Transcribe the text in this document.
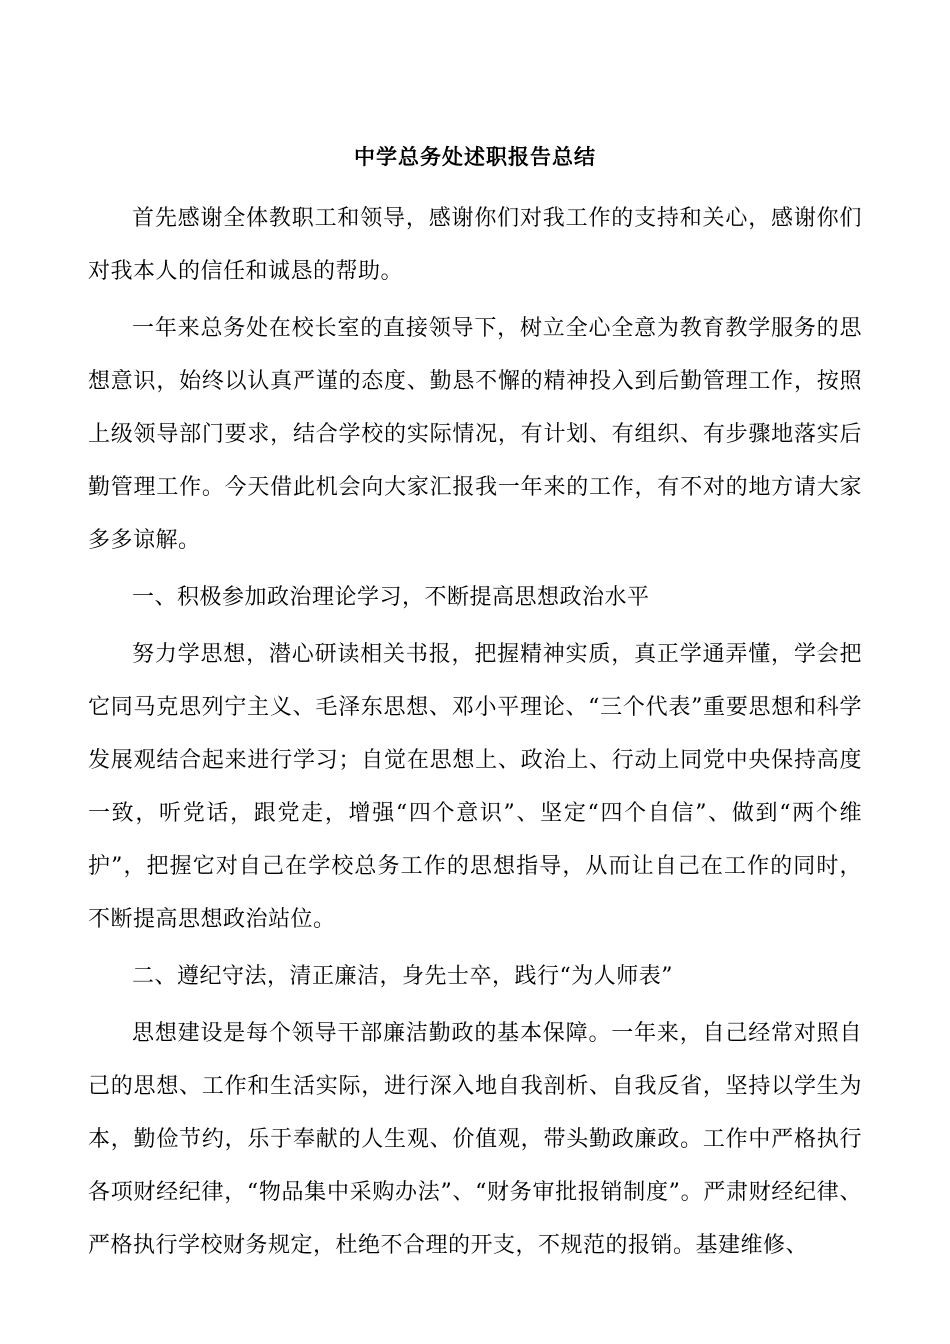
中学总务处述职报告总结

首先感谢全体教职工和领导，感谢你们对我工作的支持和关心，感谢你们对我本人的信任和诚恳的帮助。

一年来总务处在校长室的直接领导下，树立全心全意为教育教学服务的思想意识，始终以认真严谨的态度、勤恳不懈的精神投入到后勤管理工作，按照上级领导部门要求，结合学校的实际情况，有计划、有组织、有步骤地落实后勤管理工作。今天借此机会向大家汇报我一年来的工作，有不对的地方请大家多多谅解。

一、积极参加政治理论学习，不断提高思想政治水平

努力学思想，潜心研读相关书报，把握精神实质，真正学通弄懂，学会把它同马克思列宁主义、毛泽东思想、邓小平理论、“三个代表”重要思想和科学发展观结合起来进行学习；自觉在思想上、政治上、行动上同党中央保持高度一致，听党话，跟党走，增强“四个意识”、坚定“四个自信”、做到“两个维护”，把握它对自己在学校总务工作的思想指导，从而让自己在工作的同时，不断提高思想政治站位。

二、遵纪守法，清正廉洁，身先士卒，践行“为人师表”

思想建设是每个领导干部廉洁勤政的基本保障。一年来，自己经常对照自己的思想、工作和生活实际，进行深入地自我剖析、自我反省，坚持以学生为本，勤俭节约，乐于奉献的人生观、价值观，带头勤政廉政。工作中严格执行各项财经纪律，“物品集中采购办法”、“财务审批报销制度”。严肃财经纪律、严格执行学校财务规定，杜绝不合理的开支，不规范的报销。基建维修、
